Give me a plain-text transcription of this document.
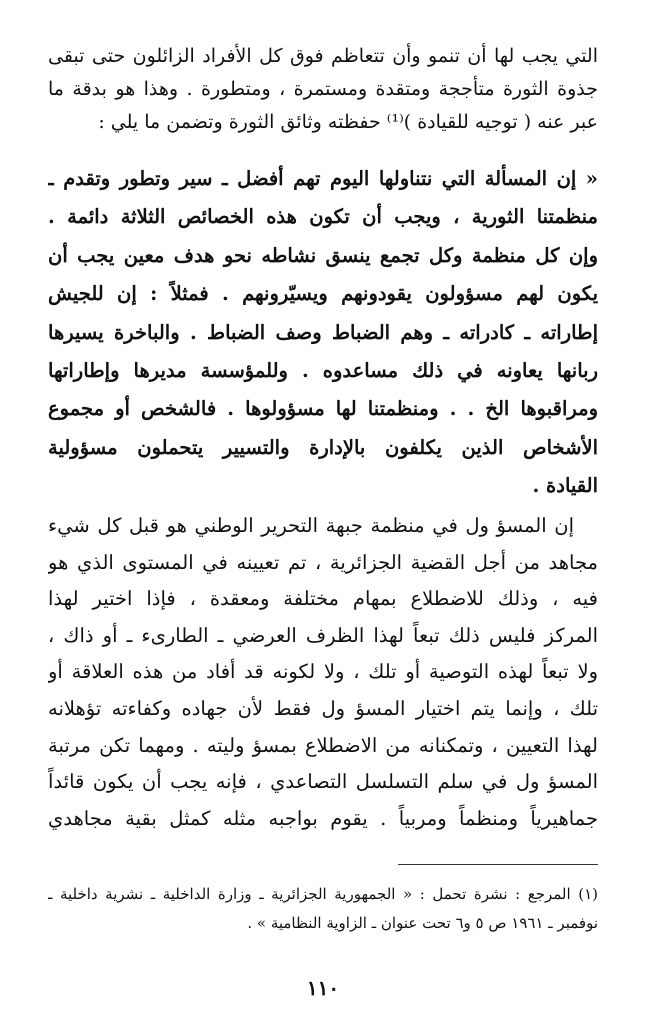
التي يجب لها أن تنمو وأن تتعاظم فوق كل الأفراد الزائلون حتى تبقى
جذوة الثورة متأججة ومتقدة ومستمرة ، ومتطورة . وهذا هو بدقة ما
عبر عنه ( توجيه للقيادة )⁽¹⁾ حفظته وثائق الثورة وتضمن ما يلي :
« إن المسألة التي نتناولها اليوم تهم أفضل ـ سير وتطور وتقدم ـ
منظمتنا الثورية ، ويجب أن تكون هذه الخصائص الثلاثة دائمة .
وإن كل منظمة وكل تجمع ينسق نشاطه نحو هدف معين يجب أن
يكون لهم مسؤولون يقودونهم ويسيّرونهم . فمثلاً : إن للجيش
إطاراته ـ كادراته ـ وهم الضباط وصف الضباط . والباخرة يسيرها
ربانها يعاونه في ذلك مساعدوه . وللمؤسسة مديرها وإطاراتها
ومراقبوها الخ . . ومنظمتنا لها مسؤولوها . فالشخص أو مجموع
الأشخاص الذين يكلفون بالإدارة والتسيير يتحملون مسؤولية
القيادة .
إن المسؤ ول في منظمة جبهة التحرير الوطني هو قبل كل شيء
مجاهد من أجل القضية الجزائرية ، تم تعيينه في المستوى الذي هو
فيه ، وذلك للاضطلاع بمهام مختلفة ومعقدة ، فإذا اختير لهذا
المركز فليس ذلك تبعاً لهذا الظرف العرضي ـ الطارىء ـ أو ذاك ،
ولا تبعاً لهذه التوصية أو تلك ، ولا لكونه قد أفاد من هذه العلاقة أو
تلك ، وإنما يتم اختيار المسؤ ول فقط لأن جهاده وكفاءته تؤهلانه
لهذا التعيين ، وتمكنانه من الاضطلاع بمسؤ وليته . ومهما تكن مرتبة
المسؤ ول في سلم التسلسل التصاعدي ، فإنه يجب أن يكون قائداً
جماهيرياً ومنظماً ومربياً . يقوم بواجبه مثله كمثل بقية مجاهدي
(١) المرجع : نشرة تحمل : « الجمهورية الجزائرية ـ وزارة الداخلية ـ نشرية داخلية ـ
نوفمبر ـ ١٩٦١ ص ٥ و٦ تحت عنوان ـ الزاوية النظامية » .
١١٠
